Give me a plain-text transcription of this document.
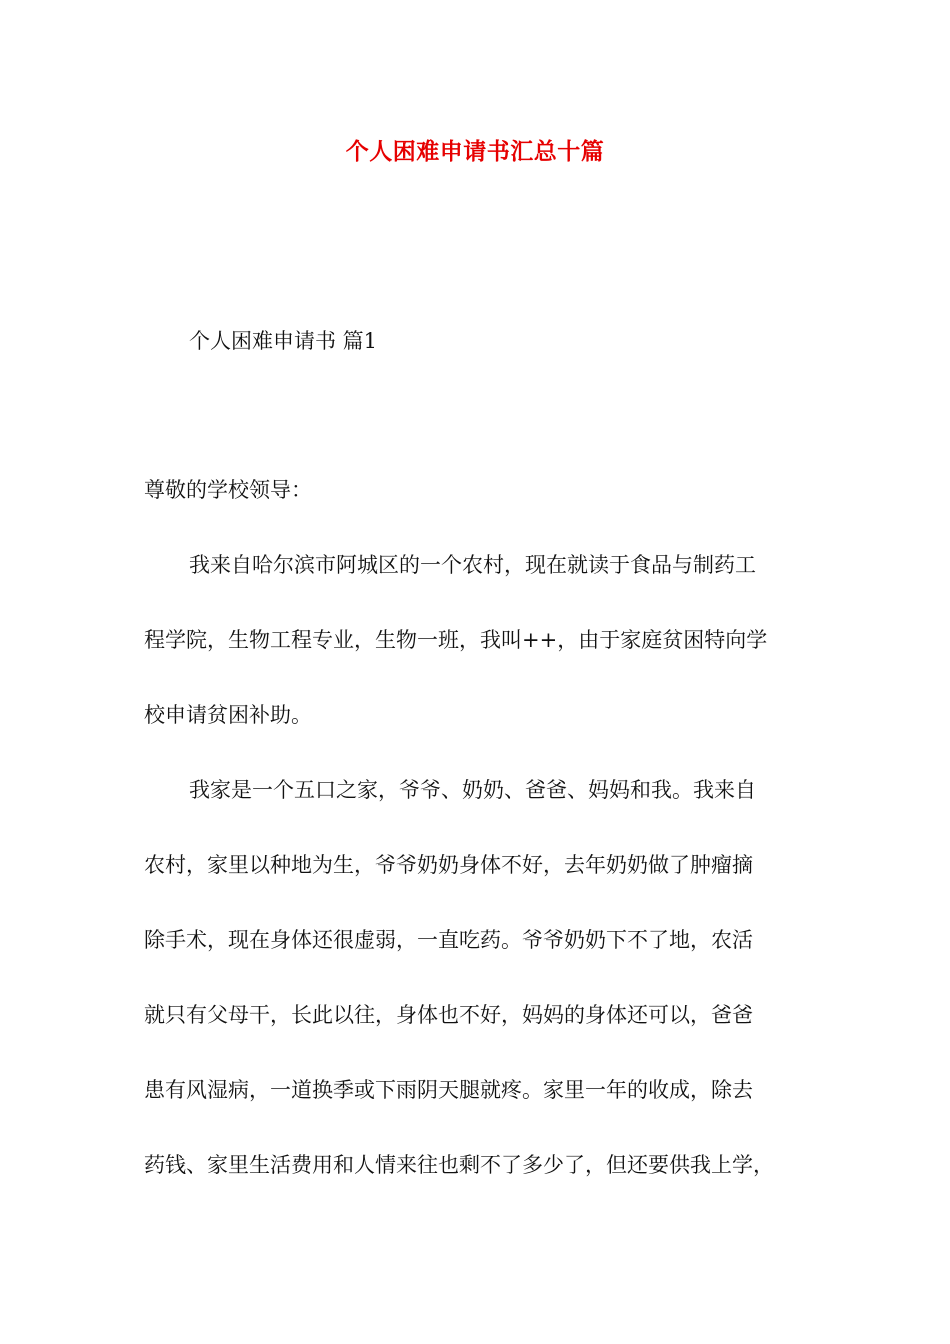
个人困难申请书汇总十篇
个人困难申请书 篇1
尊敬的学校领导：
我来自哈尔滨市阿城区的一个农村，现在就读于食品与制药工
程学院，生物工程专业，生物一班，我叫++，由于家庭贫困特向学
校申请贫困补助。
我家是一个五口之家，爷爷、奶奶、爸爸、妈妈和我。我来自
农村，家里以种地为生，爷爷奶奶身体不好，去年奶奶做了肿瘤摘
除手术，现在身体还很虚弱，一直吃药。爷爷奶奶下不了地，农活
就只有父母干，长此以往，身体也不好，妈妈的身体还可以，爸爸
患有风湿病，一道换季或下雨阴天腿就疼。家里一年的收成，除去
药钱、家里生活费用和人情来往也剩不了多少了，但还要供我上学，
